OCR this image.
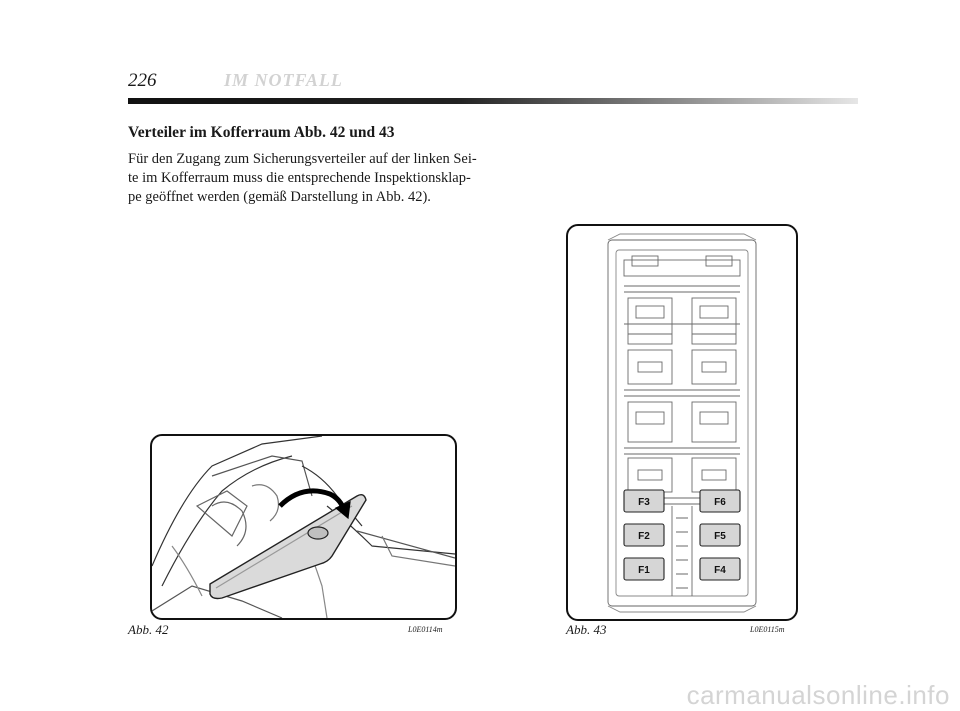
226	IM NOTFALL
Verteiler im Kofferraum Abb. 42 und 43
Für den Zugang zum Sicherungsverteiler auf der linken Sei-
te im Kofferraum muss die entsprechende Inspektionsklap-
pe geöffnet werden (gemäß Darstellung in Abb. 42).
Abb. 42	L0E0114m
F3
F2
F1
F6
F5
F4
Abb. 43	L0E0115m
carmanualsonline.info
